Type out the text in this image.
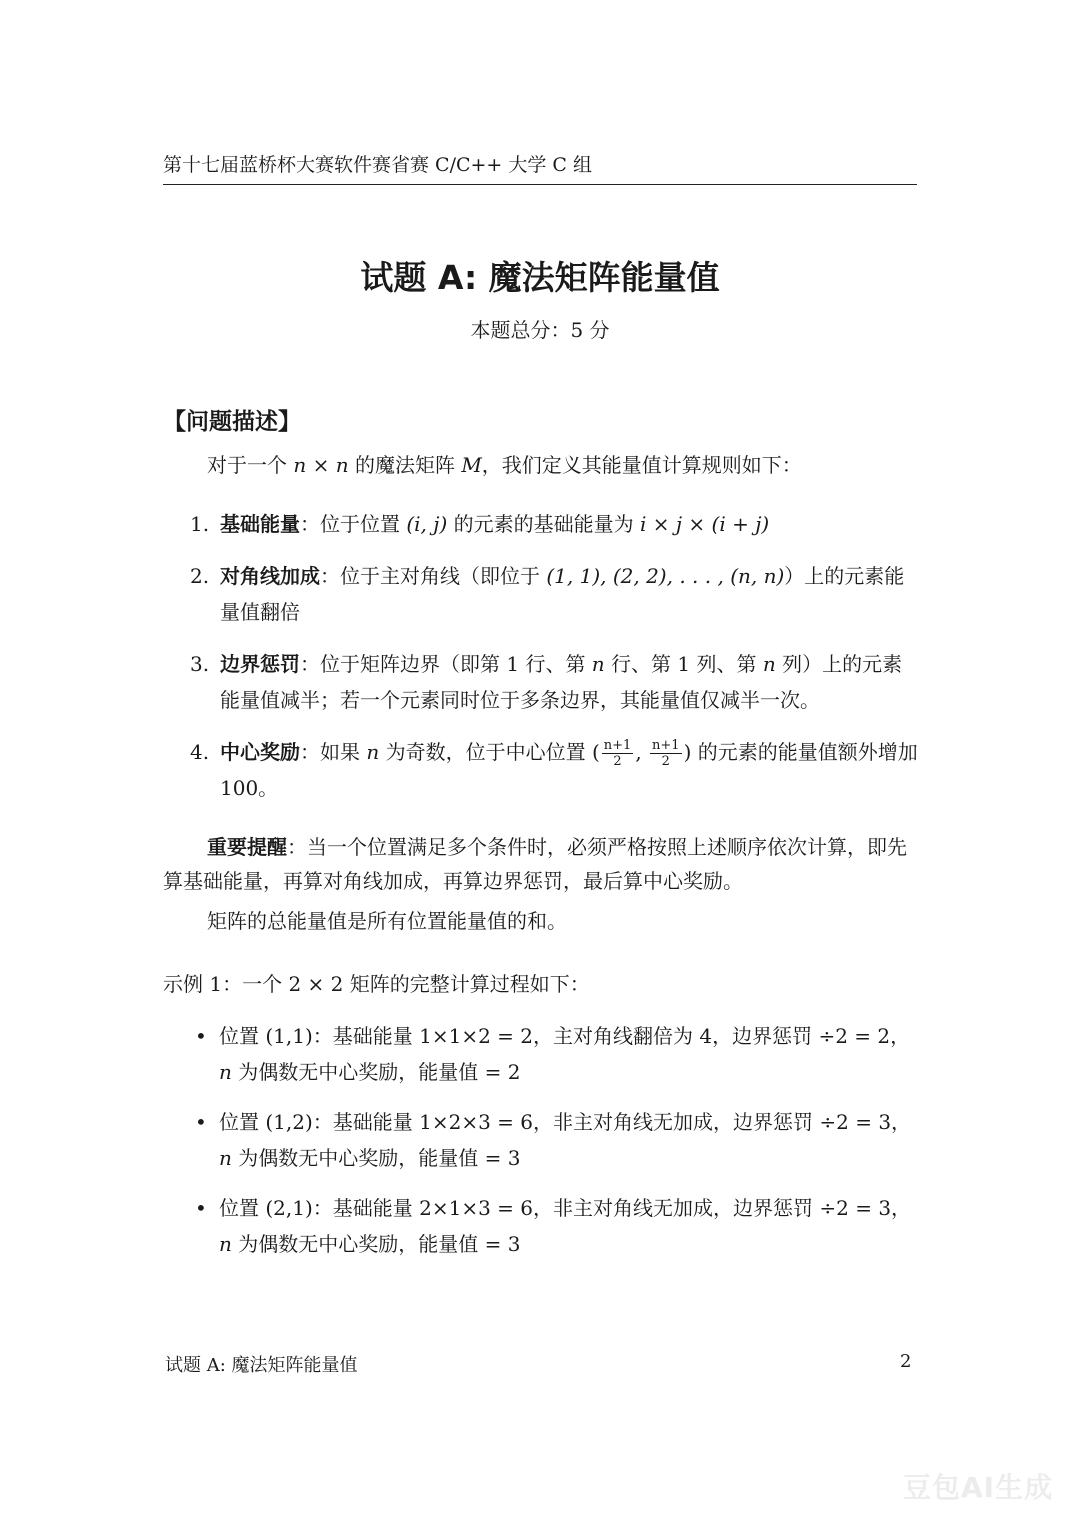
第十七届蓝桥杯大赛软件赛省赛 C/C++ 大学 C 组
试题 A: 魔法矩阵能量值
本题总分：5 分
【问题描述】
对于一个 n × n 的魔法矩阵 M，我们定义其能量值计算规则如下：
1. 基础能量：位于位置 (i, j) 的元素的基础能量为 i × j × (i + j)
2. 对角线加成：位于主对角线（即位于 (1, 1), (2, 2), . . . , (n, n)）上的元素能量值翻倍
3. 边界惩罚：位于矩阵边界（即第 1 行、第 n 行、第 1 列、第 n 列）上的元素能量值减半；若一个元素同时位于多条边界，其能量值仅减半一次。
4. 中心奖励：如果 n 为奇数，位于中心位置 ( $\frac{n+1}{2}$ , $\frac{n+1}{2}$ ) 的元素的能量值额外增加 100。
重要提醒：当一个位置满足多个条件时，必须严格按照上述顺序依次计算，即先算基础能量，再算对角线加成，再算边界惩罚，最后算中心奖励。
矩阵的总能量值是所有位置能量值的和。
示例 1：一个 2 × 2 矩阵的完整计算过程如下：
• 位置 (1,1)：基础能量 1×1×2 = 2，主对角线翻倍为 4，边界惩罚 ÷2 = 2，
n 为偶数无中心奖励，能量值 = 2
• 位置 (1,2)：基础能量 1×2×3 = 6，非主对角线无加成，边界惩罚 ÷2 = 3，
n 为偶数无中心奖励，能量值 = 3
• 位置 (2,1)：基础能量 2×1×3 = 6，非主对角线无加成，边界惩罚 ÷2 = 3，
n 为偶数无中心奖励，能量值 = 3
试题 A: 魔法矩阵能量值	2
豆包AI生成
